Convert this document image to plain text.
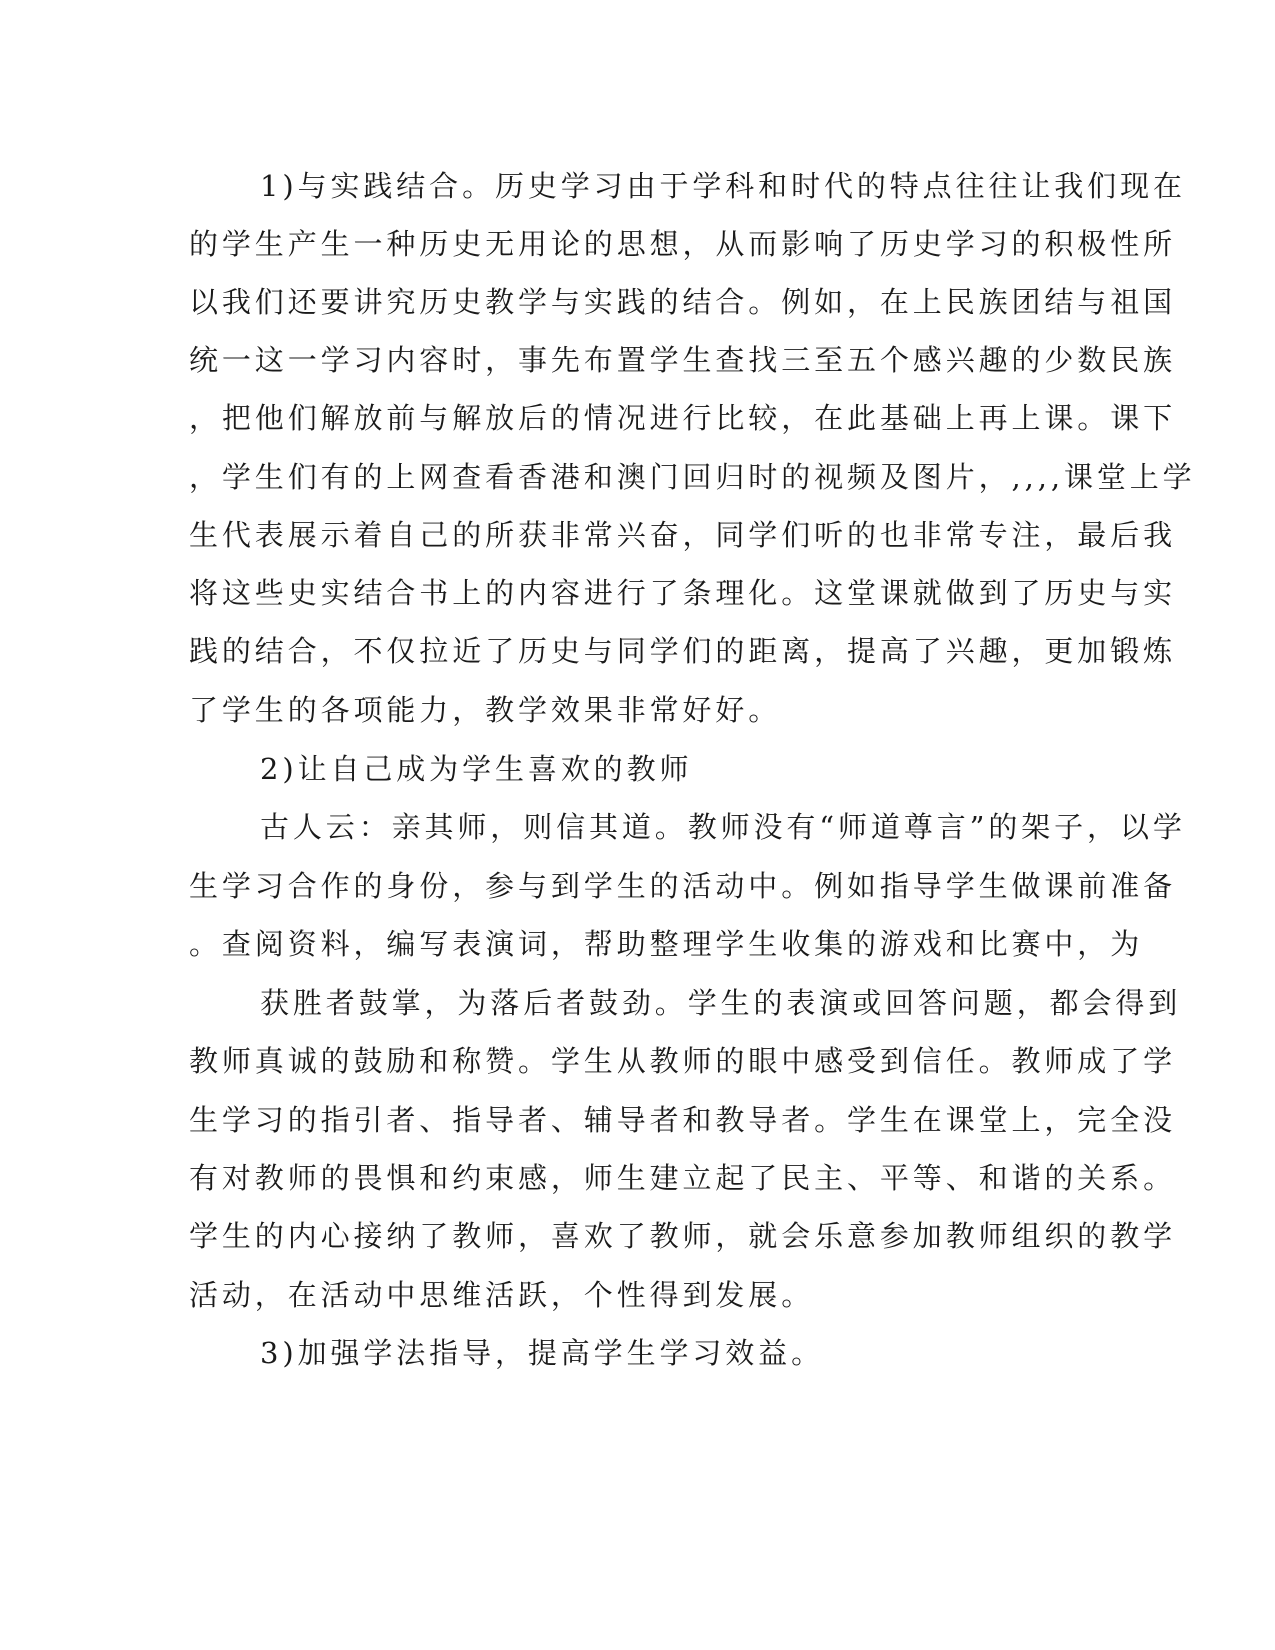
1)与实践结合。历史学习由于学科和时代的特点往往让我们现在
的学生产生一种历史无用论的思想，从而影响了历史学习的积极性所
以我们还要讲究历史教学与实践的结合。例如，在上民族团结与祖国
统一这一学习内容时，事先布置学生查找三至五个感兴趣的少数民族
，把他们解放前与解放后的情况进行比较，在此基础上再上课。课下
，学生们有的上网查看香港和澳门回归时的视频及图片，,,,,课堂上学
生代表展示着自己的所获非常兴奋，同学们听的也非常专注，最后我
将这些史实结合书上的内容进行了条理化。这堂课就做到了历史与实
践的结合，不仅拉近了历史与同学们的距离，提高了兴趣，更加锻炼
了学生的各项能力，教学效果非常好好。
2)让自己成为学生喜欢的教师
古人云：亲其师，则信其道。教师没有“师道尊言”的架子，以学
生学习合作的身份，参与到学生的活动中。例如指导学生做课前准备
。查阅资料，编写表演词，帮助整理学生收集的游戏和比赛中，为
获胜者鼓掌，为落后者鼓劲。学生的表演或回答问题，都会得到
教师真诚的鼓励和称赞。学生从教师的眼中感受到信任。教师成了学
生学习的指引者、指导者、辅导者和教导者。学生在课堂上，完全没
有对教师的畏惧和约束感，师生建立起了民主、平等、和谐的关系。
学生的内心接纳了教师，喜欢了教师，就会乐意参加教师组织的教学
活动，在活动中思维活跃，个性得到发展。
3)加强学法指导，提高学生学习效益。
